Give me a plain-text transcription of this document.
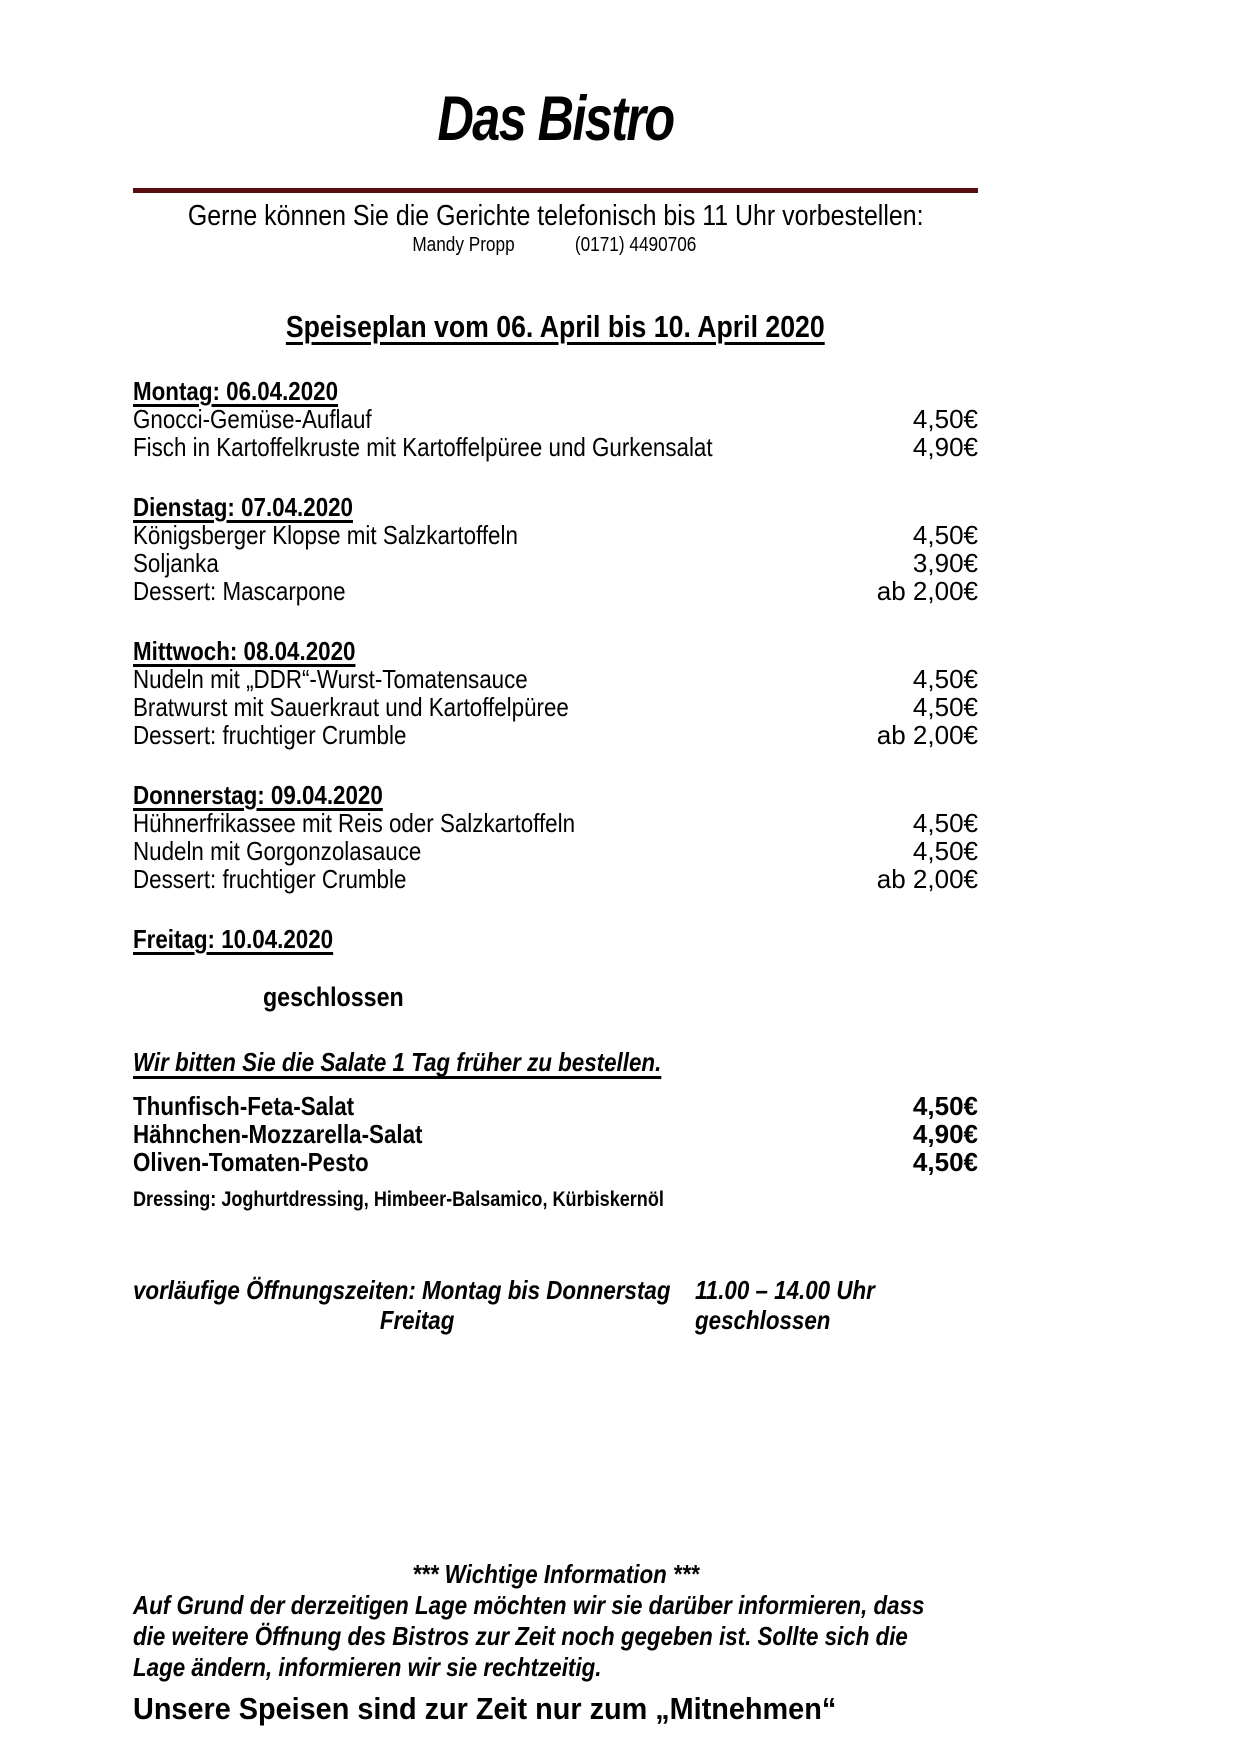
Das Bistro
Gerne können Sie die Gerichte telefonisch bis 11 Uhr vorbestellen:
Mandy Propp	(0171) 4490706
Speiseplan vom 06. April bis 10. April 2020
Montag: 06.04.2020
Gnocci-Gemüse-Auflauf	4,50€
Fisch in Kartoffelkruste mit Kartoffelpüree und Gurkensalat	4,90€
Dienstag: 07.04.2020
Königsberger Klopse mit Salzkartoffeln	4,50€
Soljanka	3,90€
Dessert: Mascarpone	ab 2,00€
Mittwoch: 08.04.2020
Nudeln mit „DDR“-Wurst-Tomatensauce	4,50€
Bratwurst mit Sauerkraut und Kartoffelpüree	4,50€
Dessert: fruchtiger Crumble	ab 2,00€
Donnerstag: 09.04.2020
Hühnerfrikassee mit Reis oder Salzkartoffeln	4,50€
Nudeln mit Gorgonzolasauce	4,50€
Dessert: fruchtiger Crumble	ab 2,00€
Freitag: 10.04.2020
geschlossen
Wir bitten Sie die Salate 1 Tag früher zu bestellen.
Thunfisch-Feta-Salat	4,50€
Hähnchen-Mozzarella-Salat	4,90€
Oliven-Tomaten-Pesto	4,50€
Dressing: Joghurtdressing, Himbeer-Balsamico, Kürbiskernöl
vorläufige Öffnungszeiten: Montag bis Donnerstag 11.00 – 14.00 Uhr
Freitag	geschlossen
*** Wichtige Information ***
Auf Grund der derzeitigen Lage möchten wir sie darüber informieren, dass
die weitere Öffnung des Bistros zur Zeit noch gegeben ist. Sollte sich die
Lage ändern, informieren wir sie rechtzeitig.
Unsere Speisen sind zur Zeit nur zum „Mitnehmen“
